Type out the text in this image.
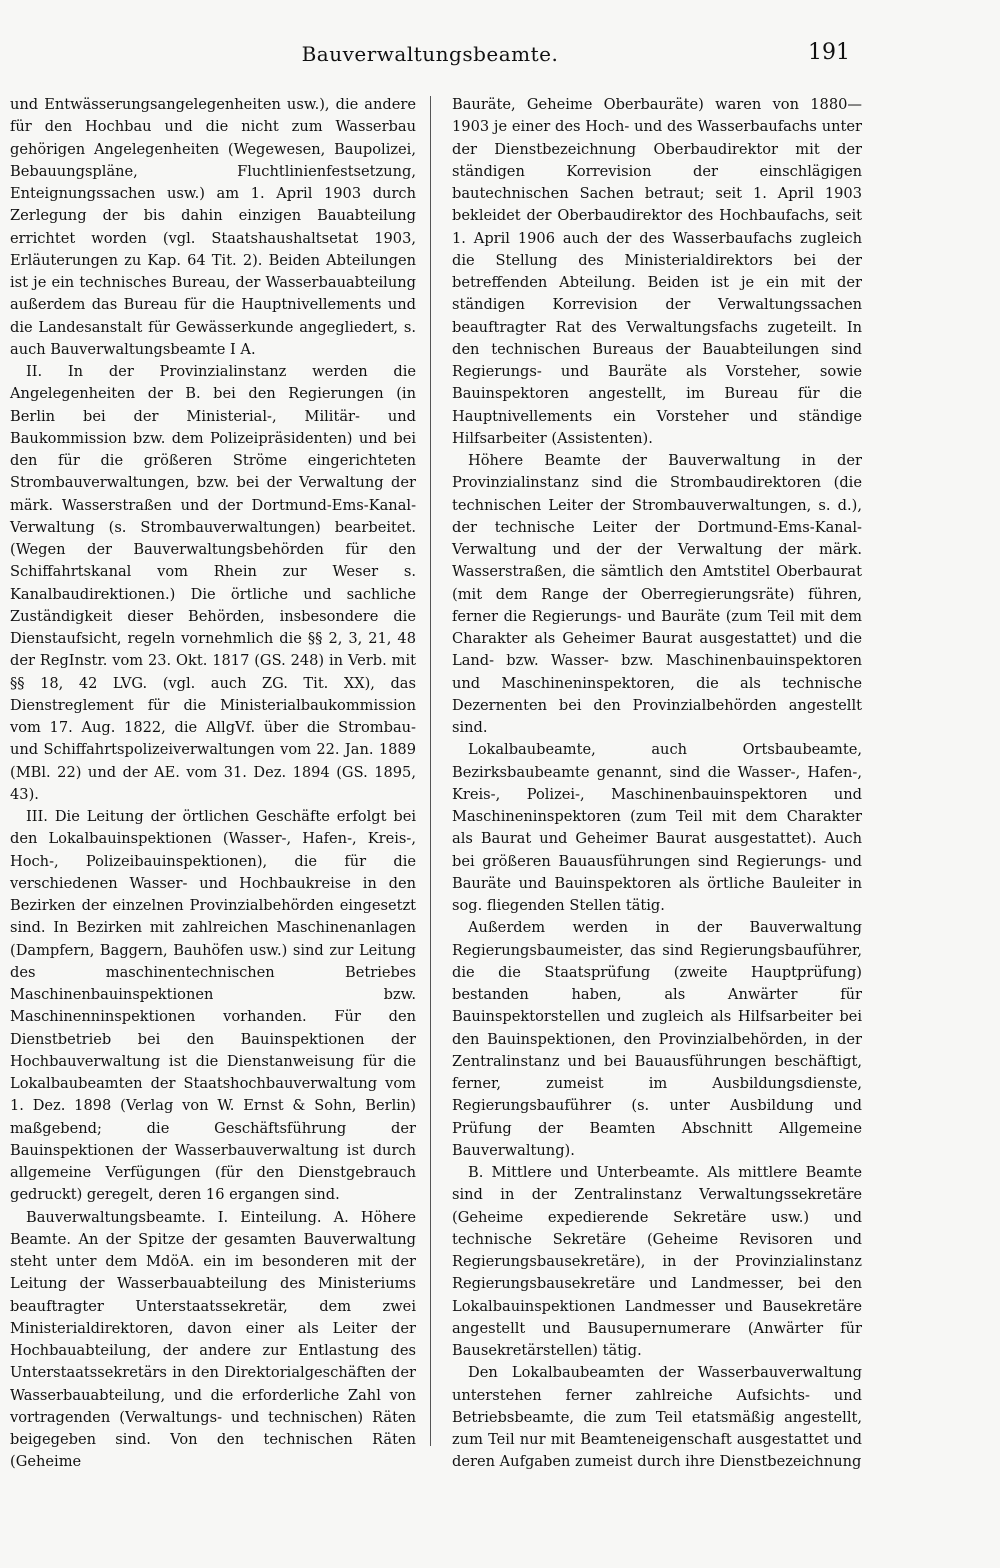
Bauverwaltungsbeamte.	191

und Entwässerungsangelegenheiten usw.), die andere für den Hochbau und die nicht zum Wasserbau gehörigen Angelegenheiten (Wegewesen, Baupolizei, Bebauungspläne, Fluchtlinienfestsetzung, Enteignungssachen usw.) am 1. April 1903 durch Zerlegung der bis dahin einzigen Bauabteilung errichtet worden (vgl. Staatshaushaltsetat 1903, Erläuterungen zu Kap. 64 Tit. 2). Beiden Abteilungen ist je ein technisches Bureau, der Wasserbauabteilung außerdem das Bureau für die Hauptnivellements und die Landesanstalt für Gewässerkunde angegliedert, s. auch Bauverwaltungsbeamte I A.

II. In der Provinzialinstanz werden die Angelegenheiten der B. bei den Regierungen (in Berlin bei der Ministerial-, Militär- und Baukommission bzw. dem Polizeipräsidenten) und bei den für die größeren Ströme eingerichteten Strombauverwaltungen, bzw. bei der Verwaltung der märk. Wasserstraßen und der Dortmund-Ems-Kanal-Verwaltung (s. Strombauverwaltungen) bearbeitet. (Wegen der Bauverwaltungsbehörden für den Schiffahrtskanal vom Rhein zur Weser s. Kanalbaudirektionen.) Die örtliche und sachliche Zuständigkeit dieser Behörden, insbesondere die Dienstaufsicht, regeln vornehmlich die §§ 2, 3, 21, 48 der RegInstr. vom 23. Okt. 1817 (GS. 248) in Verb. mit §§ 18, 42 LVG. (vgl. auch ZG. Tit. XX), das Dienstreglement für die Ministerialbaukommission vom 17. Aug. 1822, die AllgVf. über die Strombau- und Schiffahrtspolizeiverwaltungen vom 22. Jan. 1889 (MBl. 22) und der AE. vom 31. Dez. 1894 (GS. 1895, 43).

III. Die Leitung der örtlichen Geschäfte erfolgt bei den Lokalbauinspektionen (Wasser-, Hafen-, Kreis-, Hoch-, Polizeibauinspektionen), die für die verschiedenen Wasser- und Hochbaukreise in den Bezirken der einzelnen Provinzialbehörden eingesetzt sind. In Bezirken mit zahlreichen Maschinenanlagen (Dampfern, Baggern, Bauhöfen usw.) sind zur Leitung des maschinentechnischen Betriebes Maschinenbauinspektionen bzw. Maschinenninspektionen vorhanden. Für den Dienstbetrieb bei den Bauinspektionen der Hochbauverwaltung ist die Dienstanweisung für die Lokalbaubeamten der Staatshochbauverwaltung vom 1. Dez. 1898 (Verlag von W. Ernst & Sohn, Berlin) maßgebend; die Geschäftsführung der Bauinspektionen der Wasserbauverwaltung ist durch allgemeine Verfügungen (für den Dienstgebrauch gedruckt) geregelt, deren 16 ergangen sind.

Bauverwaltungsbeamte. I. Einteilung. A. Höhere Beamte. An der Spitze der gesamten Bauverwaltung steht unter dem MdöA. ein im besonderen mit der Leitung der Wasserbauabteilung des Ministeriums beauftragter Unterstaatssekretär, dem zwei Ministerialdirektoren, davon einer als Leiter der Hochbauabteilung, der andere zur Entlastung des Unterstaatssekretärs in den Direktorialgeschäften der Wasserbauabteilung, und die erforderliche Zahl von vortragenden (Verwaltungs- und technischen) Räten beigegeben sind. Von den technischen Räten (Geheime

Bauräte, Geheime Oberbauräte) waren von 1880—1903 je einer des Hoch- und des Wasserbaufachs unter der Dienstbezeichnung Oberbaudirektor mit der ständigen Korrevision der einschlägigen bautechnischen Sachen betraut; seit 1. April 1903 bekleidet der Oberbaudirektor des Hochbaufachs, seit 1. April 1906 auch der des Wasserbaufachs zugleich die Stellung des Ministerialdirektors bei der betreffenden Abteilung. Beiden ist je ein mit der ständigen Korrevision der Verwaltungssachen beauftragter Rat des Verwaltungsfachs zugeteilt. In den technischen Bureaus der Bauabteilungen sind Regierungs- und Bauräte als Vorsteher, sowie Bauinspektoren angestellt, im Bureau für die Hauptnivellements ein Vorsteher und ständige Hilfsarbeiter (Assistenten).

Höhere Beamte der Bauverwaltung in der Provinzialinstanz sind die Strombaudirektoren (die technischen Leiter der Strombauverwaltungen, s. d.), der technische Leiter der Dortmund-Ems-Kanal-Verwaltung und der der Verwaltung der märk. Wasserstraßen, die sämtlich den Amtstitel Oberbaurat (mit dem Range der Oberregierungsräte) führen, ferner die Regierungs- und Bauräte (zum Teil mit dem Charakter als Geheimer Baurat ausgestattet) und die Land- bzw. Wasser- bzw. Maschinenbauinspektoren und Maschineninspektoren, die als technische Dezernenten bei den Provinzialbehörden angestellt sind.

Lokalbaubeamte, auch Ortsbaubeamte, Bezirksbaubeamte genannt, sind die Wasser-, Hafen-, Kreis-, Polizei-, Maschinenbauinspektoren und Maschineninspektoren (zum Teil mit dem Charakter als Baurat und Geheimer Baurat ausgestattet). Auch bei größeren Bauausführungen sind Regierungs- und Bauräte und Bauinspektoren als örtliche Bauleiter in sog. fliegenden Stellen tätig.

Außerdem werden in der Bauverwaltung Regierungsbaumeister, das sind Regierungsbauführer, die die Staatsprüfung (zweite Hauptprüfung) bestanden haben, als Anwärter für Bauinspektorstellen und zugleich als Hilfsarbeiter bei den Bauinspektionen, den Provinzialbehörden, in der Zentralinstanz und bei Bauausführungen beschäftigt, ferner, zumeist im Ausbildungsdienste, Regierungsbauführer (s. unter Ausbildung und Prüfung der Beamten Abschnitt Allgemeine Bauverwaltung).

B. Mittlere und Unterbeamte. Als mittlere Beamte sind in der Zentralinstanz Verwaltungssekretäre (Geheime expedierende Sekretäre usw.) und technische Sekretäre (Geheime Revisoren und Regierungsbausekretäre), in der Provinzialinstanz Regierungsbausekretäre und Landmesser, bei den Lokalbauinspektionen Landmesser und Bausekretäre angestellt und Bausupernumerare (Anwärter für Bausekretärstellen) tätig.

Den Lokalbaubeamten der Wasserbauverwaltung unterstehen ferner zahlreiche Aufsichts- und Betriebsbeamte, die zum Teil etatsmäßig angestellt, zum Teil nur mit Beamteneigenschaft ausgestattet und deren Aufgaben zumeist durch ihre Dienstbezeichnung
